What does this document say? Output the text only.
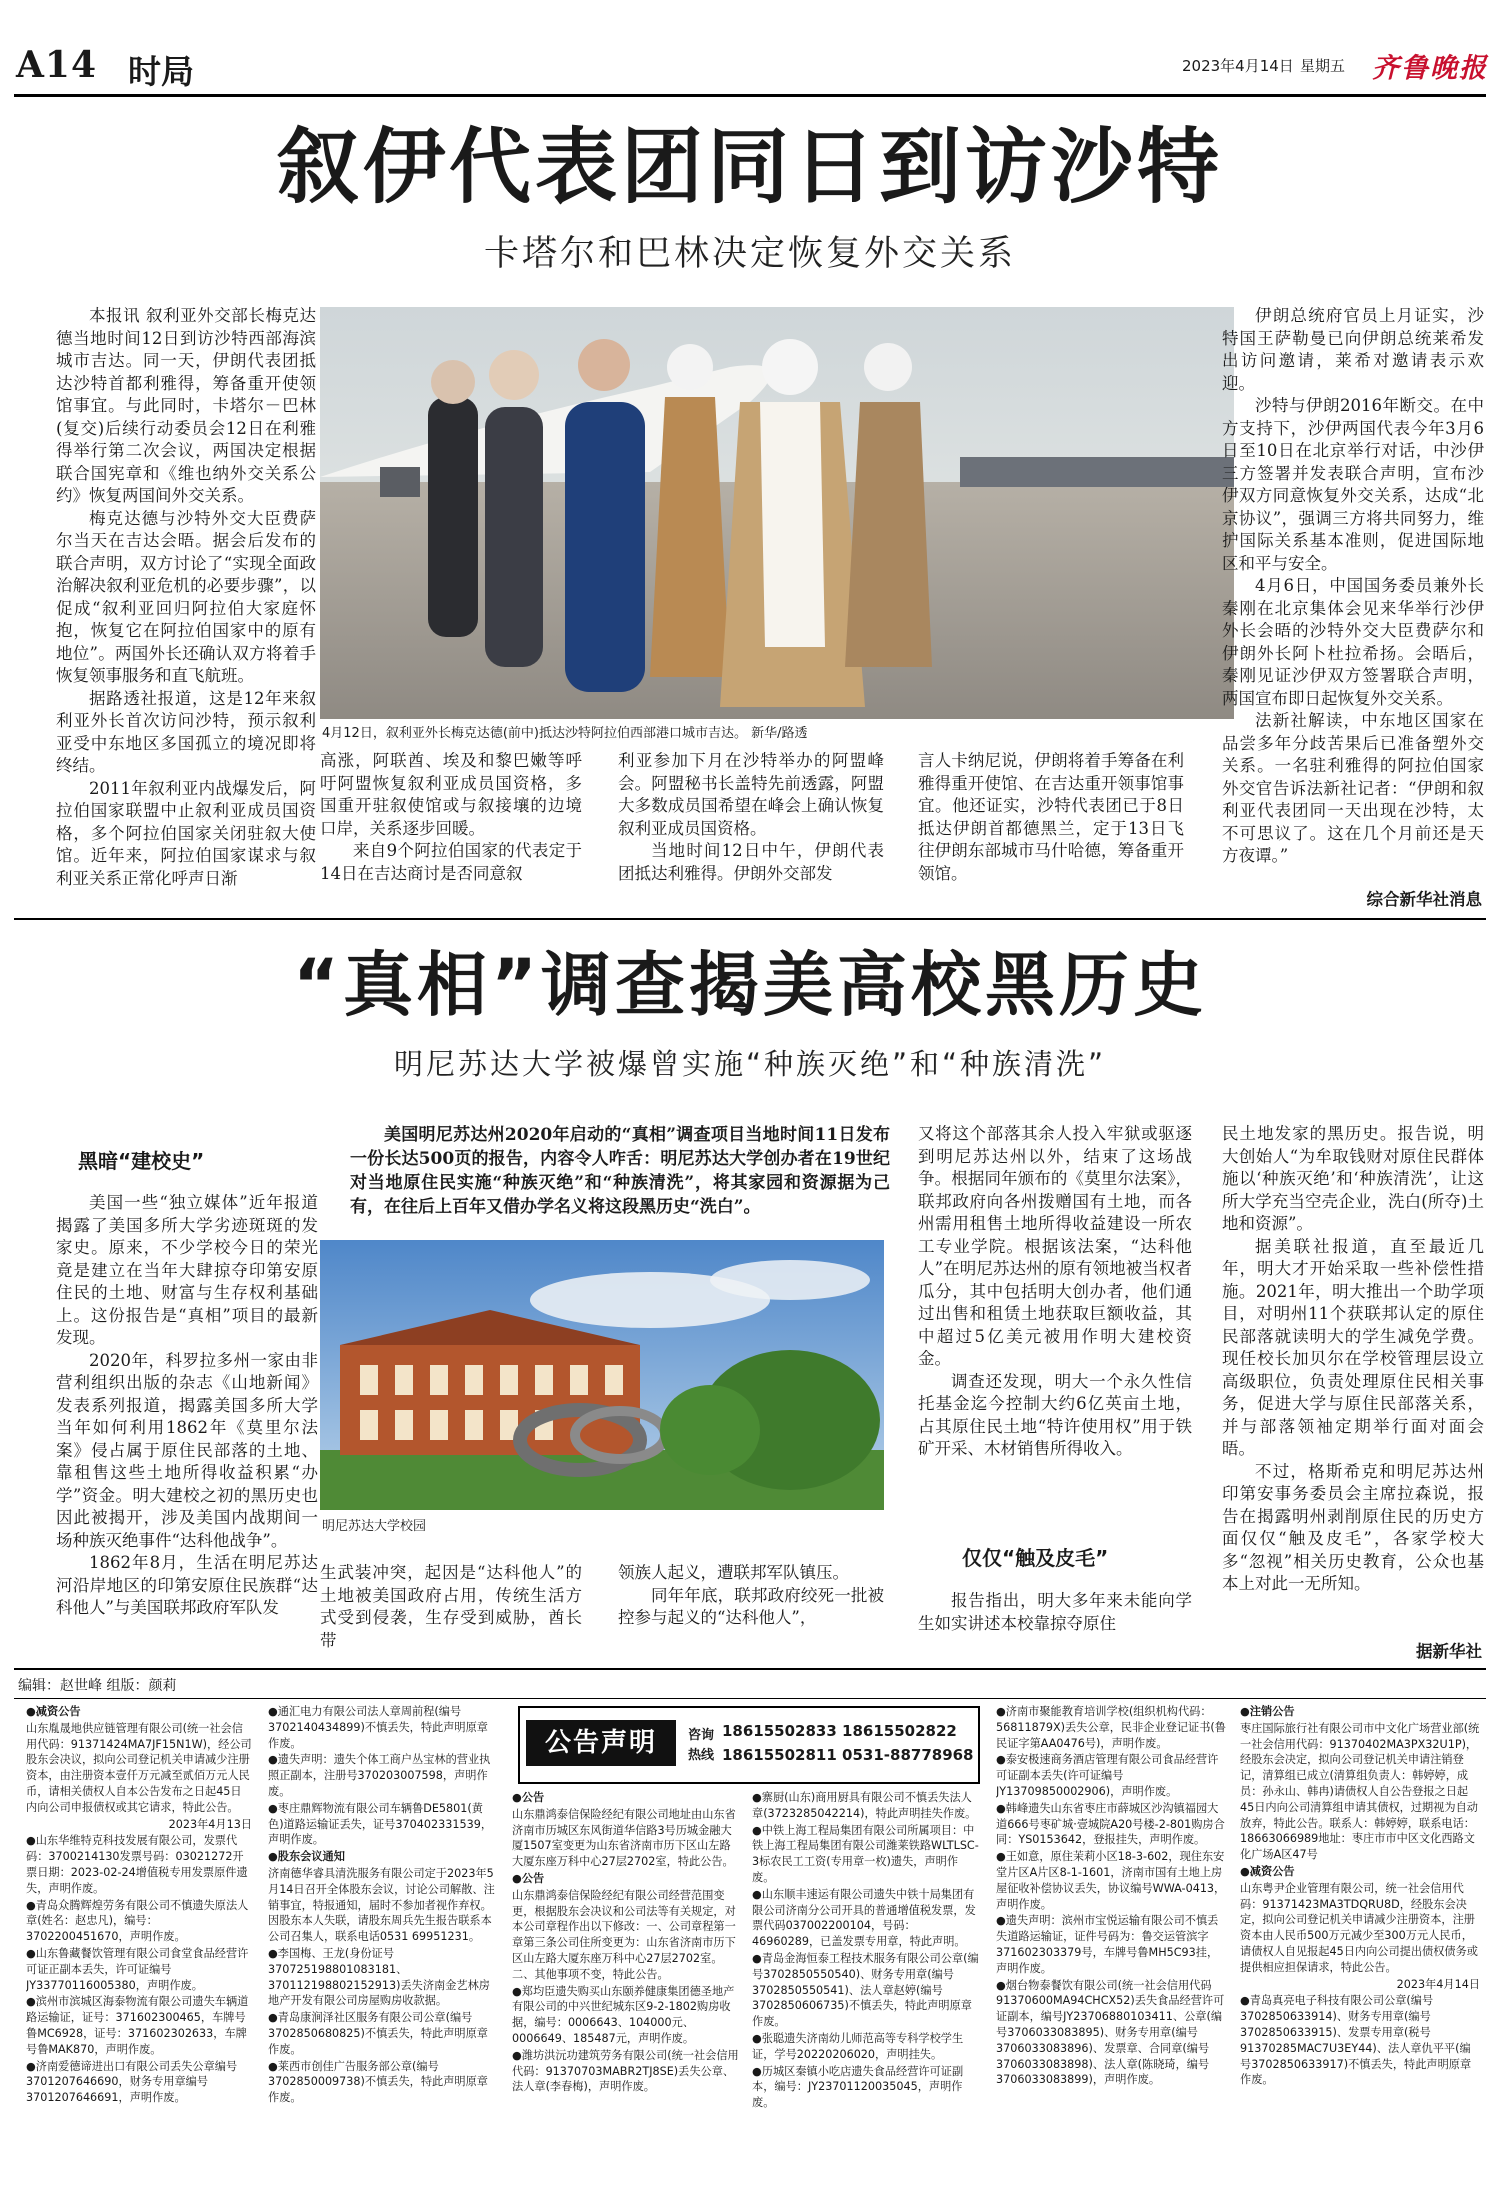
A14 时局	2023年4月14日 星期五 齐鲁晚报
叙伊代表团同日到访沙特
卡塔尔和巴林决定恢复外交关系

本报讯 叙利亚外交部长梅克达德当地时间12日到访沙特西部海滨城市吉达。同一天，伊朗代表团抵达沙特首都利雅得，筹备重开使领馆事宜。与此同时，卡塔尔－巴林(复交)后续行动委员会12日在利雅得举行第二次会议，两国决定根据联合国宪章和《维也纳外交关系公约》恢复两国间外交关系。

梅克达德与沙特外交大臣费萨尔当天在吉达会晤。据会后发布的联合声明，双方讨论了“实现全面政治解决叙利亚危机的必要步骤”，以促成“叙利亚回归阿拉伯大家庭怀抱，恢复它在阿拉伯国家中的原有地位”。两国外长还确认双方将着手恢复领事服务和直飞航班。

据路透社报道，这是12年来叙利亚外长首次访问沙特，预示叙利亚受中东地区多国孤立的境况即将终结。

2011年叙利亚内战爆发后，阿拉伯国家联盟中止叙利亚成员国资格，多个阿拉伯国家关闭驻叙大使馆。近年来，阿拉伯国家谋求与叙利亚关系正常化呼声日渐

4月12日，叙利亚外长梅克达德(前中)抵达沙特阿拉伯西部港口城市吉达。 新华/路透

高涨，阿联酋、埃及和黎巴嫩等呼吁阿盟恢复叙利亚成员国资格，多国重开驻叙使馆或与叙接壤的边境口岸，关系逐步回暖。

来自9个阿拉伯国家的代表定于14日在吉达商讨是否同意叙

利亚参加下月在沙特举办的阿盟峰会。阿盟秘书长盖特先前透露，阿盟大多数成员国希望在峰会上确认恢复叙利亚成员国资格。

当地时间12日中午，伊朗代表团抵达利雅得。伊朗外交部发

言人卡纳尼说，伊朗将着手筹备在利雅得重开使馆、在吉达重开领事馆事宜。他还证实，沙特代表团已于8日抵达伊朗首都德黑兰，定于13日飞往伊朗东部城市马什哈德，筹备重开领馆。

伊朗总统府官员上月证实，沙特国王萨勒曼已向伊朗总统莱希发出访问邀请，莱希对邀请表示欢迎。

沙特与伊朗2016年断交。在中方支持下，沙伊两国代表今年3月6日至10日在北京举行对话，中沙伊三方签署并发表联合声明，宣布沙伊双方同意恢复外交关系，达成“北京协议”，强调三方将共同努力，维护国际关系基本准则，促进国际地区和平与安全。

4月6日，中国国务委员兼外长秦刚在北京集体会见来华举行沙伊外长会晤的沙特外交大臣费萨尔和伊朗外长阿卜杜拉希扬。会晤后，秦刚见证沙伊双方签署联合声明，两国宣布即日起恢复外交关系。

法新社解读，中东地区国家在品尝多年分歧苦果后已准备塑外交关系。一名驻利雅得的阿拉伯国家外交官告诉法新社记者：“伊朗和叙利亚代表团同一天出现在沙特，太不可思议了。这在几个月前还是天方夜谭。”

综合新华社消息
“真相”调查揭美高校黑历史
明尼苏达大学被爆曾实施“种族灭绝”和“种族清洗”
黑暗“建校史”

美国一些“独立媒体”近年报道揭露了美国多所大学劣迹斑斑的发家史。原来，不少学校今日的荣光竟是建立在当年大肆掠夺印第安原住民的土地、财富与生存权利基础上。这份报告是“真相”项目的最新发现。

2020年，科罗拉多州一家由非营利组织出版的杂志《山地新闻》发表系列报道，揭露美国多所大学当年如何利用1862年《莫里尔法案》侵占属于原住民部落的土地、靠租售这些土地所得收益积累“办学”资金。明大建校之初的黑历史也因此被揭开，涉及美国内战期间一场种族灭绝事件“达科他战争”。

1862年8月，生活在明尼苏达河沿岸地区的印第安原住民族群“达科他人”与美国联邦政府军队发

美国明尼苏达州2020年启动的“真相”调查项目当地时间11日发布一份长达500页的报告，内容令人咋舌：明尼苏达大学创办者在19世纪对当地原住民实施“种族灭绝”和“种族清洗”，将其家园和资源据为己有，在往后上百年又借办学名义将这段黑历史“洗白”。

明尼苏达大学校园

生武装冲突，起因是“达科他人”的土地被美国政府占用，传统生活方式受到侵袭，生存受到威胁，酋长带

领族人起义，遭联邦军队镇压。

同年年底，联邦政府绞死一批被控参与起义的“达科他人”，

又将这个部落其余人投入牢狱或驱逐到明尼苏达州以外，结束了这场战争。根据同年颁布的《莫里尔法案》，联邦政府向各州拨赠国有土地，而各州需用租售土地所得收益建设一所农工专业学院。根据该法案，“达科他人”在明尼苏达州的原有领地被当权者瓜分，其中包括明大创办者，他们通过出售和租赁土地获取巨额收益，其中超过5亿美元被用作明大建校资金。

调查还发现，明大一个永久性信托基金迄今控制大约6亿英亩土地，占其原住民土地“特许使用权”用于铁矿开采、木材销售所得收入。

仅仅“触及皮毛”

报告指出，明大多年来未能向学生如实讲述本校靠掠夺原住

民土地发家的黑历史。报告说，明大创始人“为牟取钱财对原住民群体施以‘种族灭绝’和‘种族清洗’，让这所大学充当空壳企业，洗白(所夺)土地和资源”。

据美联社报道，直至最近几年，明大才开始采取一些补偿性措施。2021年，明大推出一个助学项目，对明州11个获联邦认定的原住民部落就读明大的学生减免学费。现任校长加贝尔在学校管理层设立高级职位，负责处理原住民相关事务，促进大学与原住民部落关系，并与部落领袖定期举行面对面会晤。

不过，格斯希克和明尼苏达州印第安事务委员会主席拉森说，报告在揭露明州剥削原住民的历史方面仅仅“触及皮毛”，各家学校大多“忽视”相关历史教育，公众也基本上对此一无所知。

据新华社
编辑：赵世峰 组版：颜莉

●减资公告

山东胤晟地供应链管理有限公司(统一社会信用代码：91371424MA7JF15N1W)，经公司股东会决议，拟向公司登记机关申请减少注册资本，由注册资本壹仟万元减至贰佰万元人民币，请相关债权人自本公告发布之日起45日内向公司申报债权或其它请求，特此公告。

2023年4月13日

●山东华维特克科技发展有限公司，发票代码：3700214130发票号码：03021272开票日期：2023-02-24增值税专用发票原件遗失，声明作废。

●青岛众腾辉煌劳务有限公司不慎遗失原法人章(姓名：赵忠凡)，编号：3702200451670，声明作废。

●山东鲁藏餐饮管理有限公司食堂食品经营许可证正副本丢失，许可证编号JY33770116005380，声明作废。

●滨州市滨城区海泰物流有限公司遗失车辆道路运输证，证号：371602300465，车牌号鲁MC6928，证号：371602302633，车牌号鲁MAK870，声明作废。

●济南爱德谛进出口有限公司丢失公章编号3701207646690，财务专用章编号3701207646691，声明作废。

●通汇电力有限公司法人章周前程(编号3702140434899)不慎丢失，特此声明原章作废。

●遗失声明：遗失个体工商户丛宝林的营业执照正副本，注册号370203007598，声明作废。

●枣庄鼎辉物流有限公司车辆鲁DE5801(黄色)道路运输证丢失，证号370402331539，声明作废。

●股东会议通知

济南德华睿具清洗服务有限公司定于2023年5月14日召开全体股东会议，讨论公司解散、注销事宜，特报通知，届时不参加者视作弃权。因股东本人失联，请股东周兵先生报告联系本公司召集人，联系电话0531 69951231。

●李国梅、王龙(身份证号370725198801083181、370112198802152913)丢失济南金艺林房地产开发有限公司房屋购房收款据。

●青岛康涧泽社区服务有限公司公章(编号3702850680825)不慎丢失，特此声明原章作废。

●莱西市创佳广告服务部公章(编号3702850009738)不慎丢失，特此声明原章作废。

公告声明	咨询
热线
18615502833 18615502822
18615502811 0531-88778968

●公告

山东鼎鸿泰信保险经纪有限公司地址由山东省济南市历城区东风街道华信路3号历城金融大厦1507室变更为山东省济南市历下区山左路大厦东座万科中心27层2702室，特此公告。

●公告

山东鼎鸿泰信保险经纪有限公司经营范围变更，根据股东会决议和公司法等有关规定，对本公司章程作出以下修改：一、公司章程第一章第三条公司住所变更为：山东省济南市历下区山左路大厦东座万科中心27层2702室。二、其他事项不变，特此公告。

●郑均臣遗失购买山东颐养健康集团德圣地产有限公司的中兴世纪城东区9-2-1802购房收据，编号：0006643、104000元、0006649、185487元，声明作废。

●潍坊洪沅功建筑劳务有限公司(统一社会信用代码：91370703MABR2TJ8SE)丢失公章、法人章(李春梅)，声明作废。

●寨厨(山东)商用厨具有限公司不慎丢失法人章(3723285042214)，特此声明挂失作废。

●中铁上海工程局集团有限公司所属项目：中铁上海工程局集团有限公司潍莱铁路WLTLSC-3标农民工工资(专用章一枚)遗失，声明作废。

●山东顺丰速运有限公司遗失中铁十局集团有限公司济南分公司开具的普通增值税发票，发票代码037002200104，号码：46960289，已盖发票专用章，特此声明。

●青岛金海恒泰工程技术服务有限公司公章(编号3702850550540)、财务专用章(编号3702850550541)、法人章赵婷(编号3702850606735)不慎丢失，特此声明原章作废。

●张聪遗失济南幼儿师范高等专科学校学生证，学号20220206020，声明挂失。

●历城区秦镇小吃店遗失食品经营许可证副本，编号：JY23701120035045，声明作废。

●济南市聚能教育培训学校(组织机构代码：56811879X)丢失公章，民非企业登记证书(鲁民证字第AA0476号)，声明作废。

●泰安极速商务酒店管理有限公司食品经营许可证副本丢失(许可证编号JY13709850002906)，声明作废。

●韩峰遗失山东省枣庄市薛城区沙沟镇福园大道666号枣矿城·壹城院A20号楼-2-801购房合同：YS0153642，登报挂失，声明作废。

●王如意，原住茉莉小区18-3-602，现住东安堂片区A片区8-1-1601，济南市国有土地上房屋征收补偿协议丢失，协议编号WWA-0413，声明作废。

●遗失声明：滨州市宝悦运输有限公司不慎丢失道路运输证，证件号码为：鲁交运管滨字371602303379号，车牌号鲁MH5C93挂，声明作废。

●烟台物泰餐饮有限公司(统一社会信用代码91370600MA94CHCX52)丢失食品经营许可证副本，编号JY23706880103411、公章(编号3706033083895)、财务专用章(编号3706033083896)、发票章、合同章(编号3706033083898)、法人章(陈晓琦，编号3706033083899)，声明作废。

●注销公告

枣庄国际旅行社有限公司市中文化广场营业部(统一社会信用代码：91370402MA3PX32U1P)，经股东会决定，拟向公司登记机关申请注销登记，清算组已成立(清算组负责人：韩婷婷，成员：孙永山、韩冉)请债权人自公告登报之日起45日内向公司清算组申请其债权，过期视为自动放弃，特此公告。联系人：韩婷婷，联系电话：18663066989地址：枣庄市市中区文化西路文化广场A区47号

●减资公告

山东粤尹企业管理有限公司，统一社会信用代码：91371423MA3TDQRU8D，经股东会决定，拟向公司登记机关申请减少注册资本，注册资本由人民币500万元减少至300万元人民币，请债权人自见报起45日内向公司提出债权债务或提供相应担保请求，特此公告。

2023年4月14日

●青岛真亮电子科技有限公司公章(编号3702850633914)、财务专用章(编号3702850633915)、发票专用章(税号91370285MAC7U3EY44)、法人章仇平平(编号3702850633917)不慎丢失，特此声明原章作废。
